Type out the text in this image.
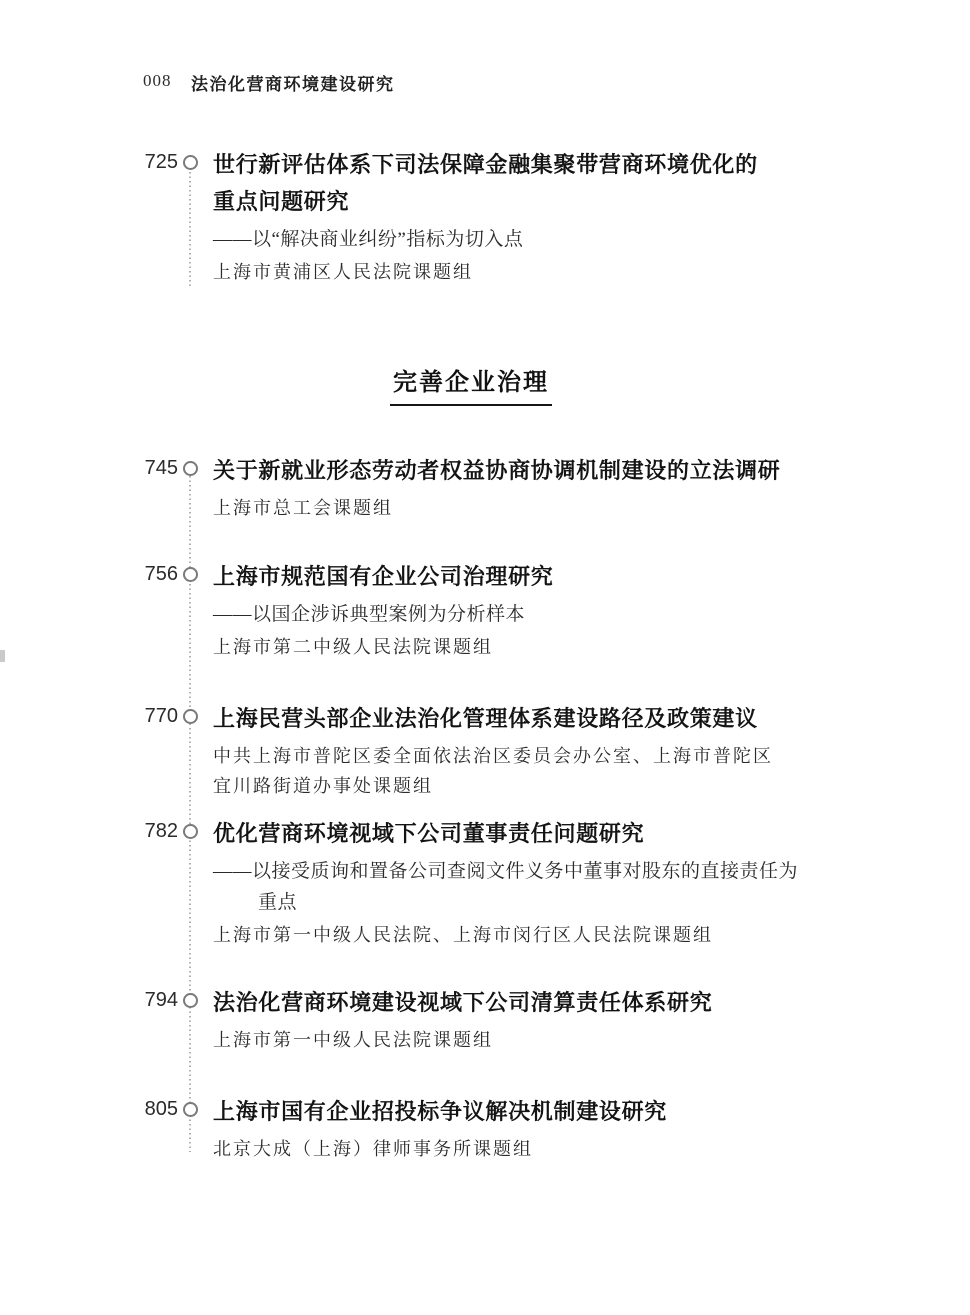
008 法治化营商环境建设研究
725 世行新评估体系下司法保障金融集聚带营商环境优化的重点问题研究
——以“解决商业纠纷”指标为切入点
上海市黄浦区人民法院课题组
完善企业治理
745 关于新就业形态劳动者权益协商协调机制建设的立法调研
上海市总工会课题组
756 上海市规范国有企业公司治理研究
——以国企涉诉典型案例为分析样本
上海市第二中级人民法院课题组
770 上海民营头部企业法治化管理体系建设路径及政策建议
中共上海市普陀区委全面依法治区委员会办公室、上海市普陀区宜川路街道办事处课题组
782 优化营商环境视域下公司董事责任问题研究
——以接受质询和置备公司查阅文件义务中董事对股东的直接责任为重点
上海市第一中级人民法院、上海市闵行区人民法院课题组
794 法治化营商环境建设视域下公司清算责任体系研究
上海市第一中级人民法院课题组
805 上海市国有企业招投标争议解决机制建设研究
北京大成（上海）律师事务所课题组
